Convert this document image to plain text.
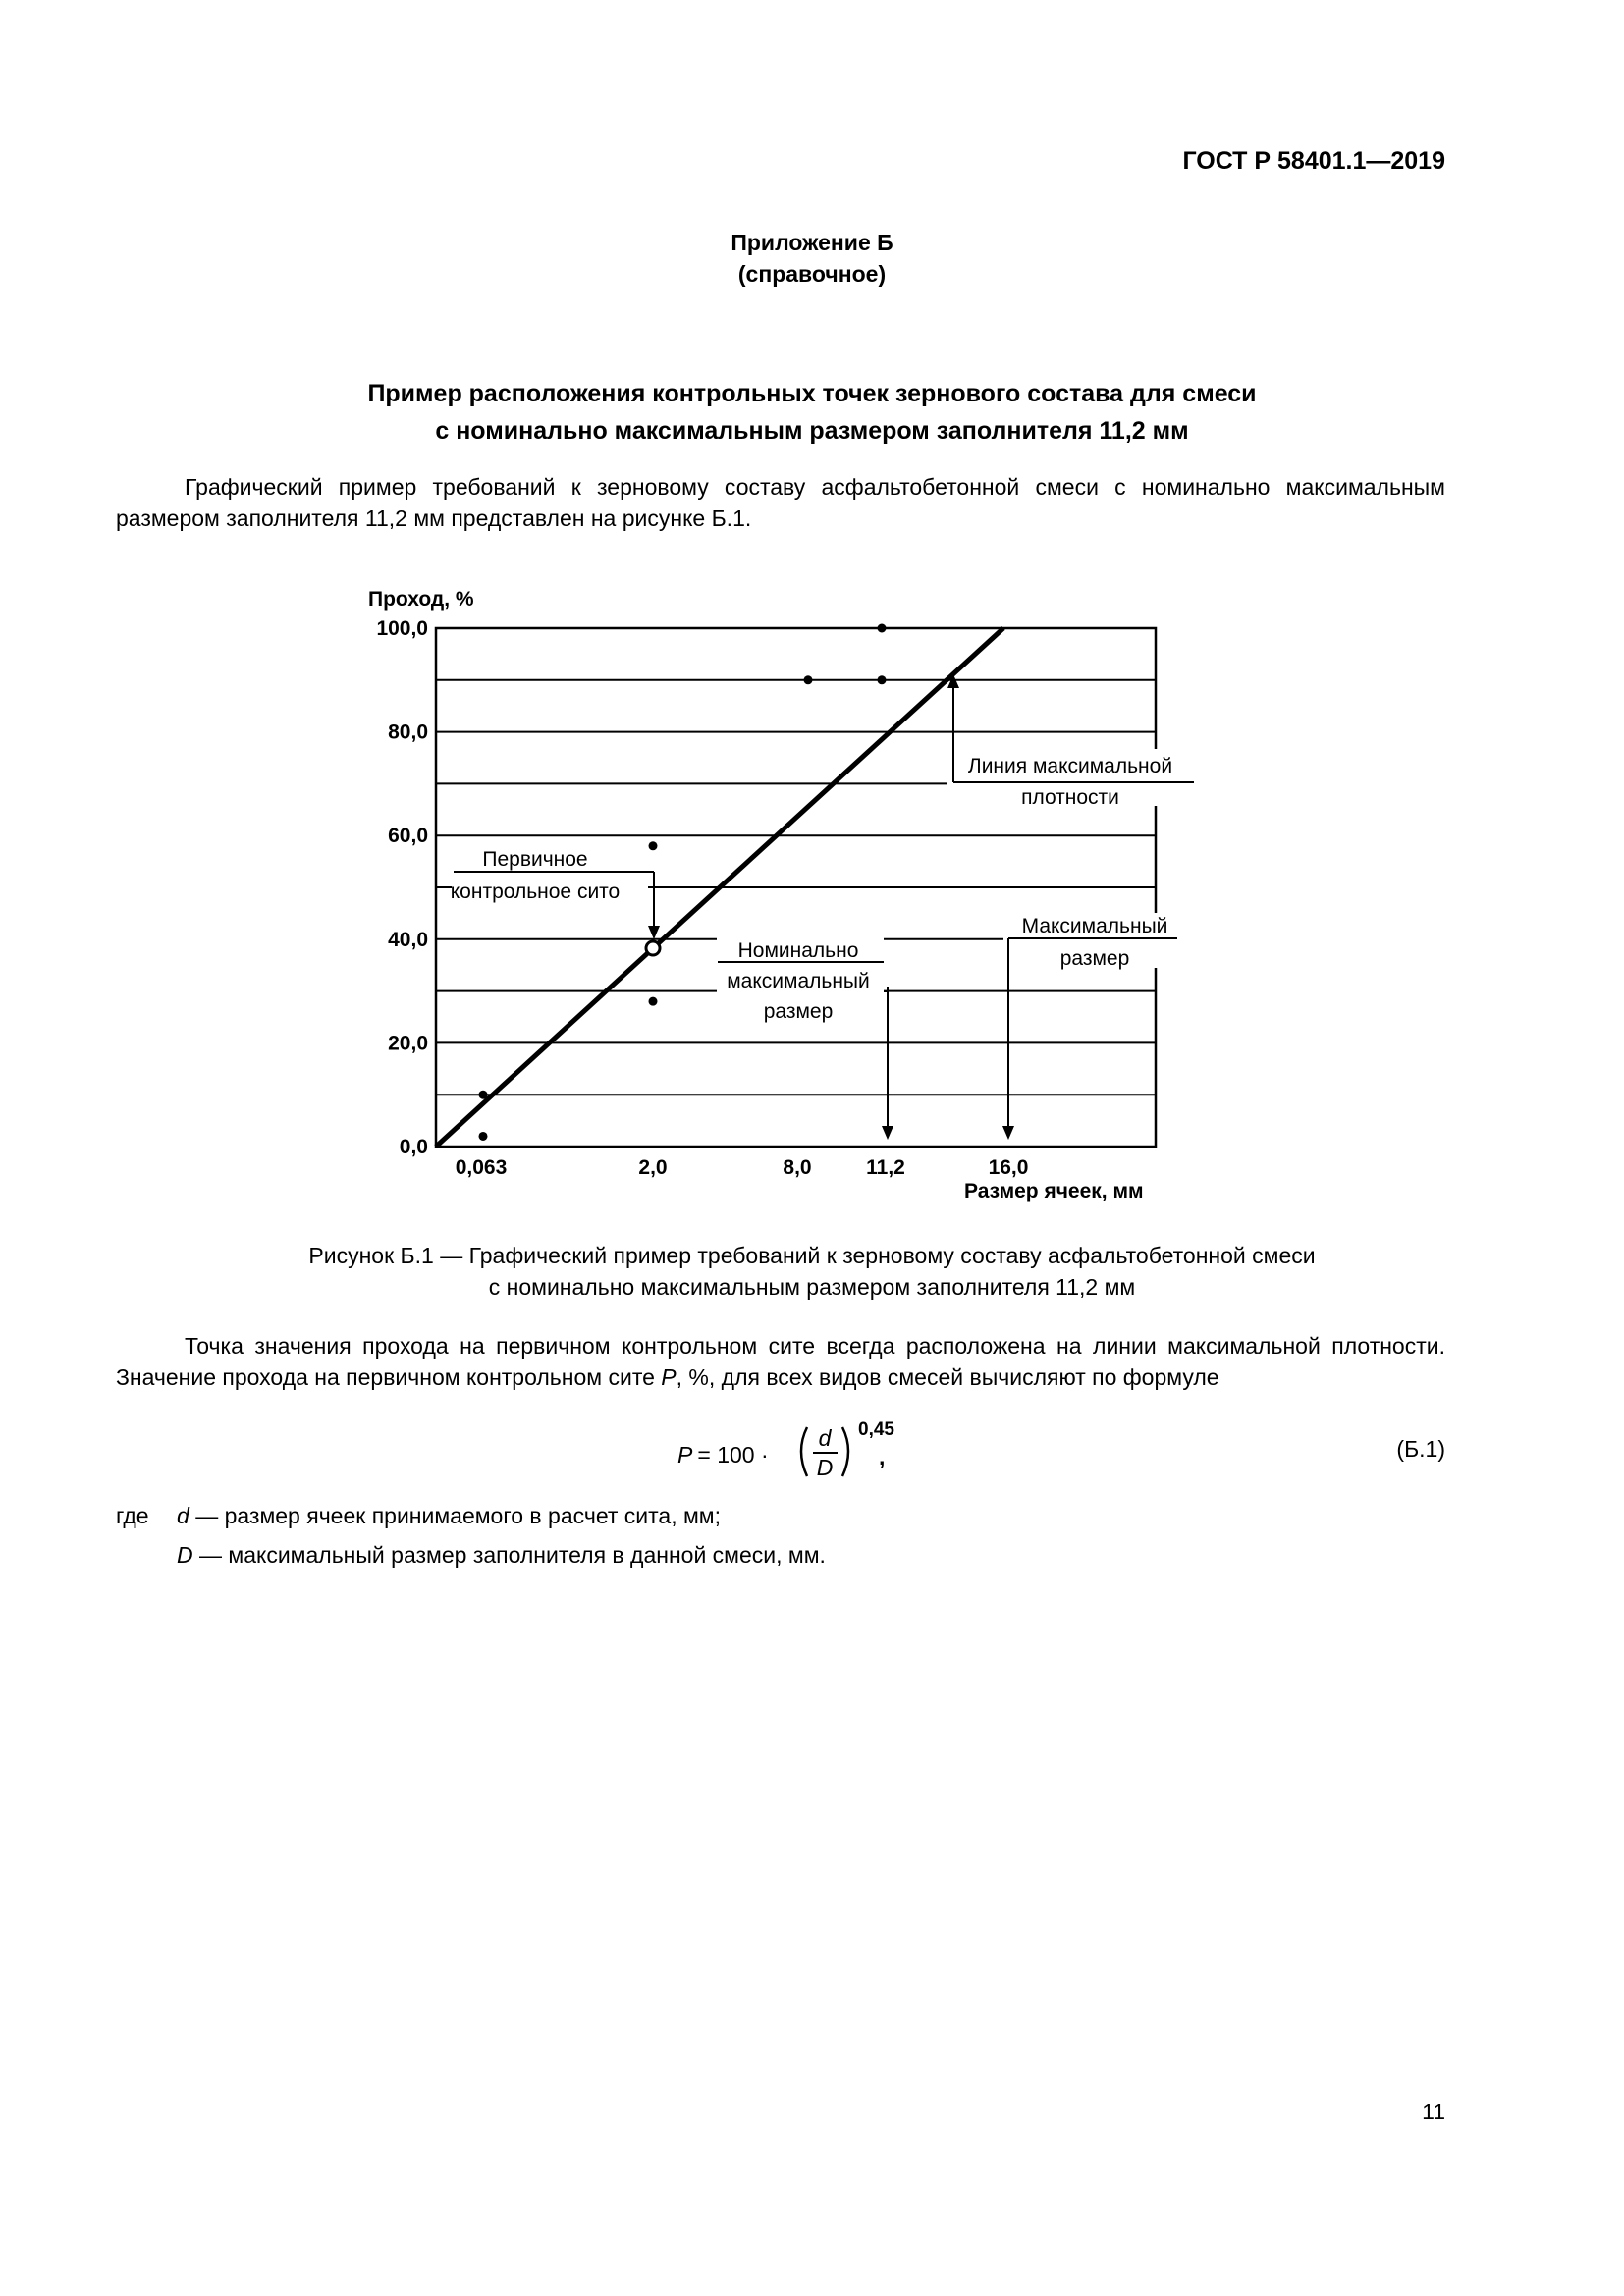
ГОСТ Р 58401.1—2019
Приложение Б
(справочное)
Пример расположения контрольных точек зернового состава для смеси
с номинально максимальным размером заполнителя 11,2 мм
Графический пример требований к зерновому составу асфальтобетонной смеси с номинально максимальным размером заполнителя 11,2 мм представлен на рисунке Б.1.
0,0
20,0
40,0
60,0
80,0
100,0
0,063	2,0	8,0	11,2	16,0
Проход, %
Размер ячеек, мм
Линия максимальной
плотности
Первичное
контрольное сито
Номинально
максимальный
размер
Максимальный
размер
Рисунок Б.1 — Графический пример требований к зерновому составу асфальтобетонной смеси
с номинально максимальным размером заполнителя 11,2 мм
Точка значения прохода на первичном контрольном сите всегда расположена на линии максимальной плотности. Значение прохода на первичном контрольном сите P, %, для всех видов смесей вычисляют по формуле
P
= 100 ·
d
D
0,45
,	(Б.1)
где d — размер ячеек принимаемого в расчет сита, мм;
D — максимальный размер заполнителя в данной смеси, мм.
11
